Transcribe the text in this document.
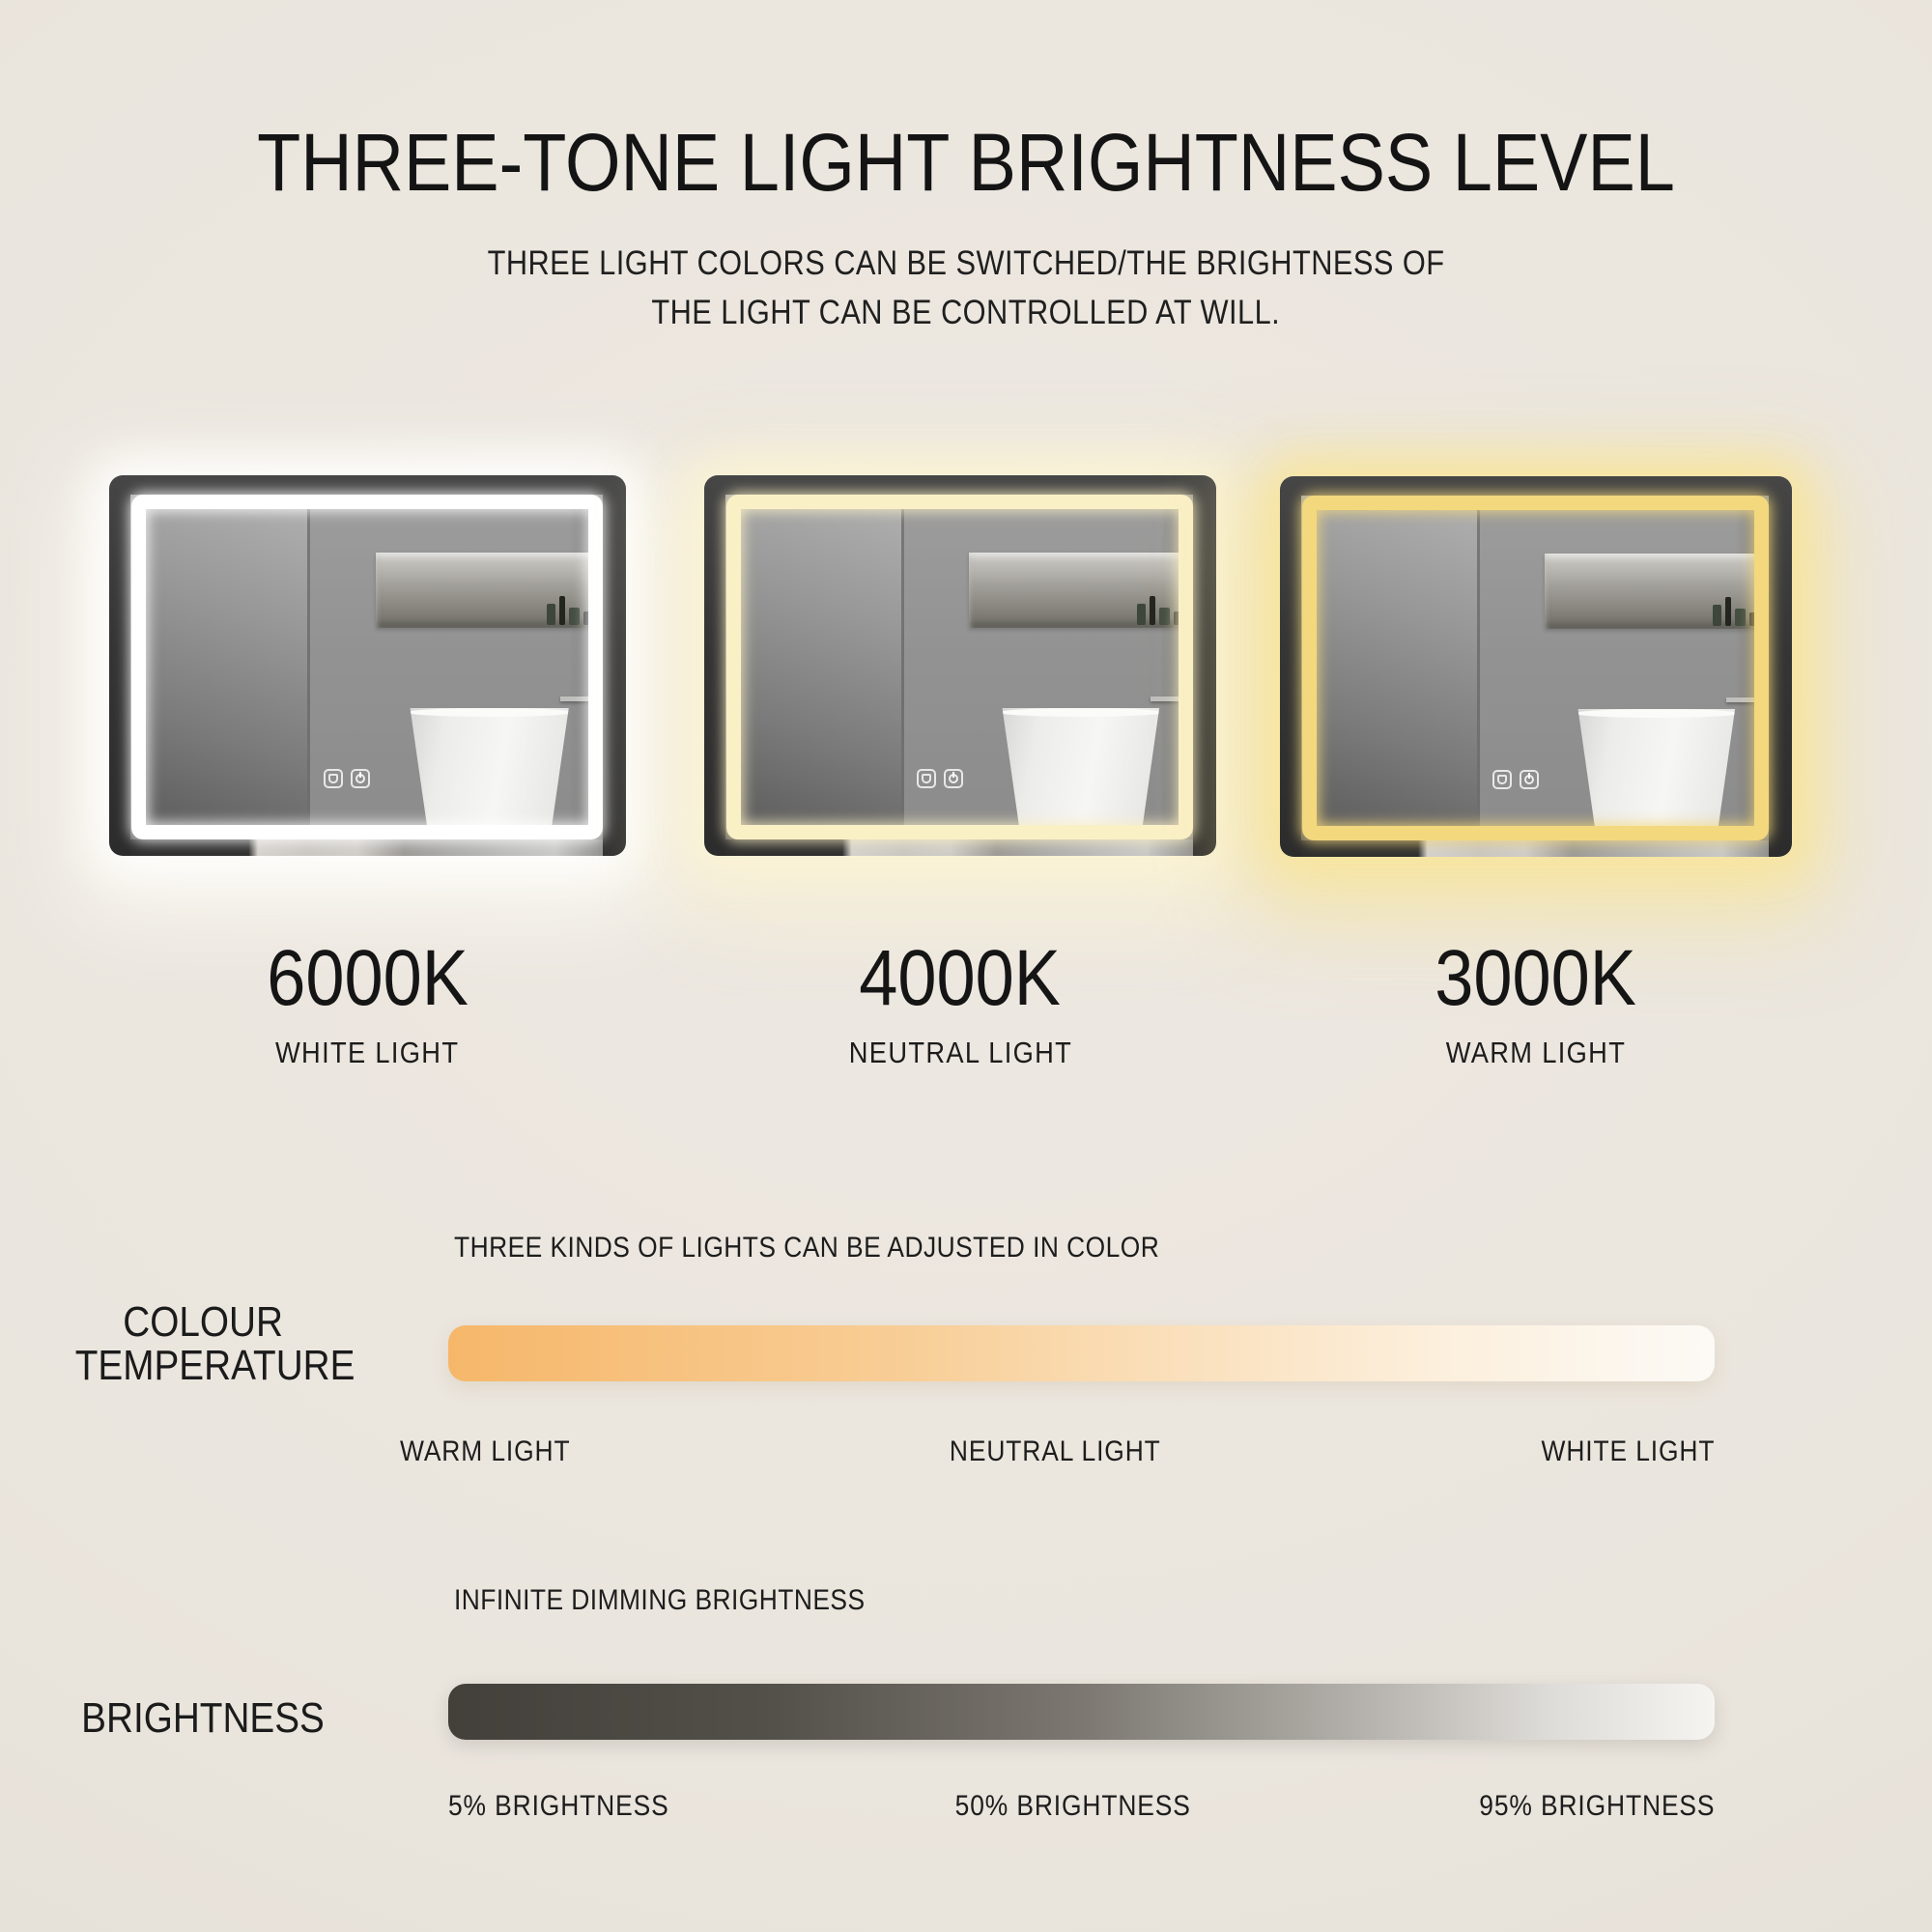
THREE-TONE LIGHT BRIGHTNESS LEVEL
THREE LIGHT COLORS CAN BE SWITCHED/THE BRIGHTNESS OF
THE LIGHT CAN BE CONTROLLED AT WILL.
6000K	4000K	3000K
WHITE LIGHT	NEUTRAL LIGHT	WARM LIGHT
THREE KINDS OF LIGHTS CAN BE ADJUSTED IN COLOR
COLOUR
TEMPERATURE
WARM LIGHT	NEUTRAL LIGHT	WHITE LIGHT
INFINITE DIMMING BRIGHTNESS
BRIGHTNESS
5% BRIGHTNESS	50% BRIGHTNESS	95% BRIGHTNESS
